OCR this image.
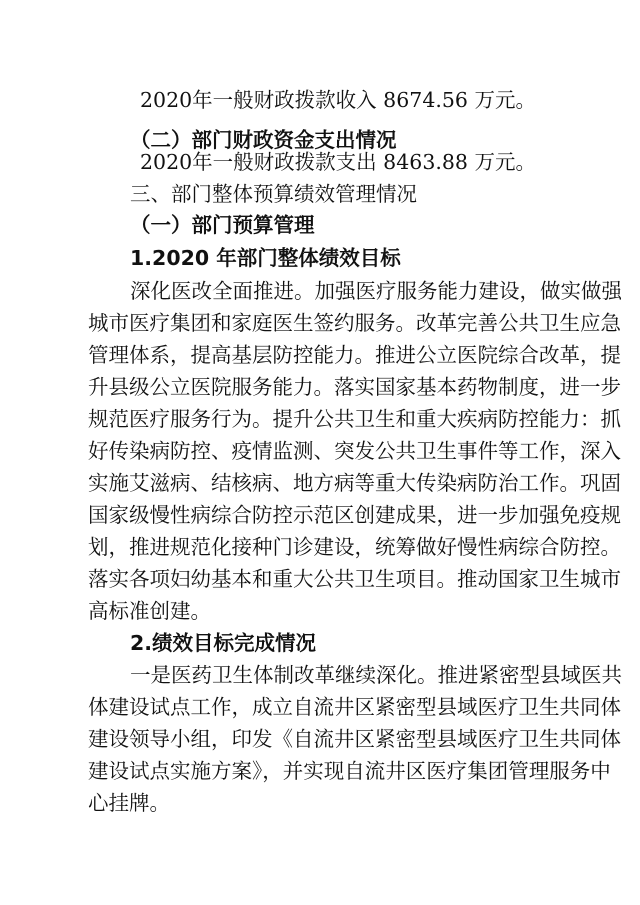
2020年一般财政拨款收入 8674.56 万元。

（二）部门财政资金支出情况

2020年一般财政拨款支出 8463.88 万元。

三、部门整体预算绩效管理情况

（一）部门预算管理

1.2020 年部门整体绩效目标

深化医改全面推进。加强医疗服务能力建设，做实做强

城市医疗集团和家庭医生签约服务。改革完善公共卫生应急

管理体系，提高基层防控能力。推进公立医院综合改革，提

升县级公立医院服务能力。落实国家基本药物制度，进一步

规范医疗服务行为。提升公共卫生和重大疾病防控能力：抓

好传染病防控、疫情监测、突发公共卫生事件等工作，深入

实施艾滋病、结核病、地方病等重大传染病防治工作。巩固

国家级慢性病综合防控示范区创建成果，进一步加强免疫规

划，推进规范化接种门诊建设，统筹做好慢性病综合防控。

落实各项妇幼基本和重大公共卫生项目。推动国家卫生城市

高标准创建。

2.绩效目标完成情况

一是医药卫生体制改革继续深化。推进紧密型县域医共

体建设试点工作，成立自流井区紧密型县域医疗卫生共同体

建设领导小组，印发《自流井区紧密型县域医疗卫生共同体

建设试点实施方案》，并实现自流井区医疗集团管理服务中

心挂牌。
